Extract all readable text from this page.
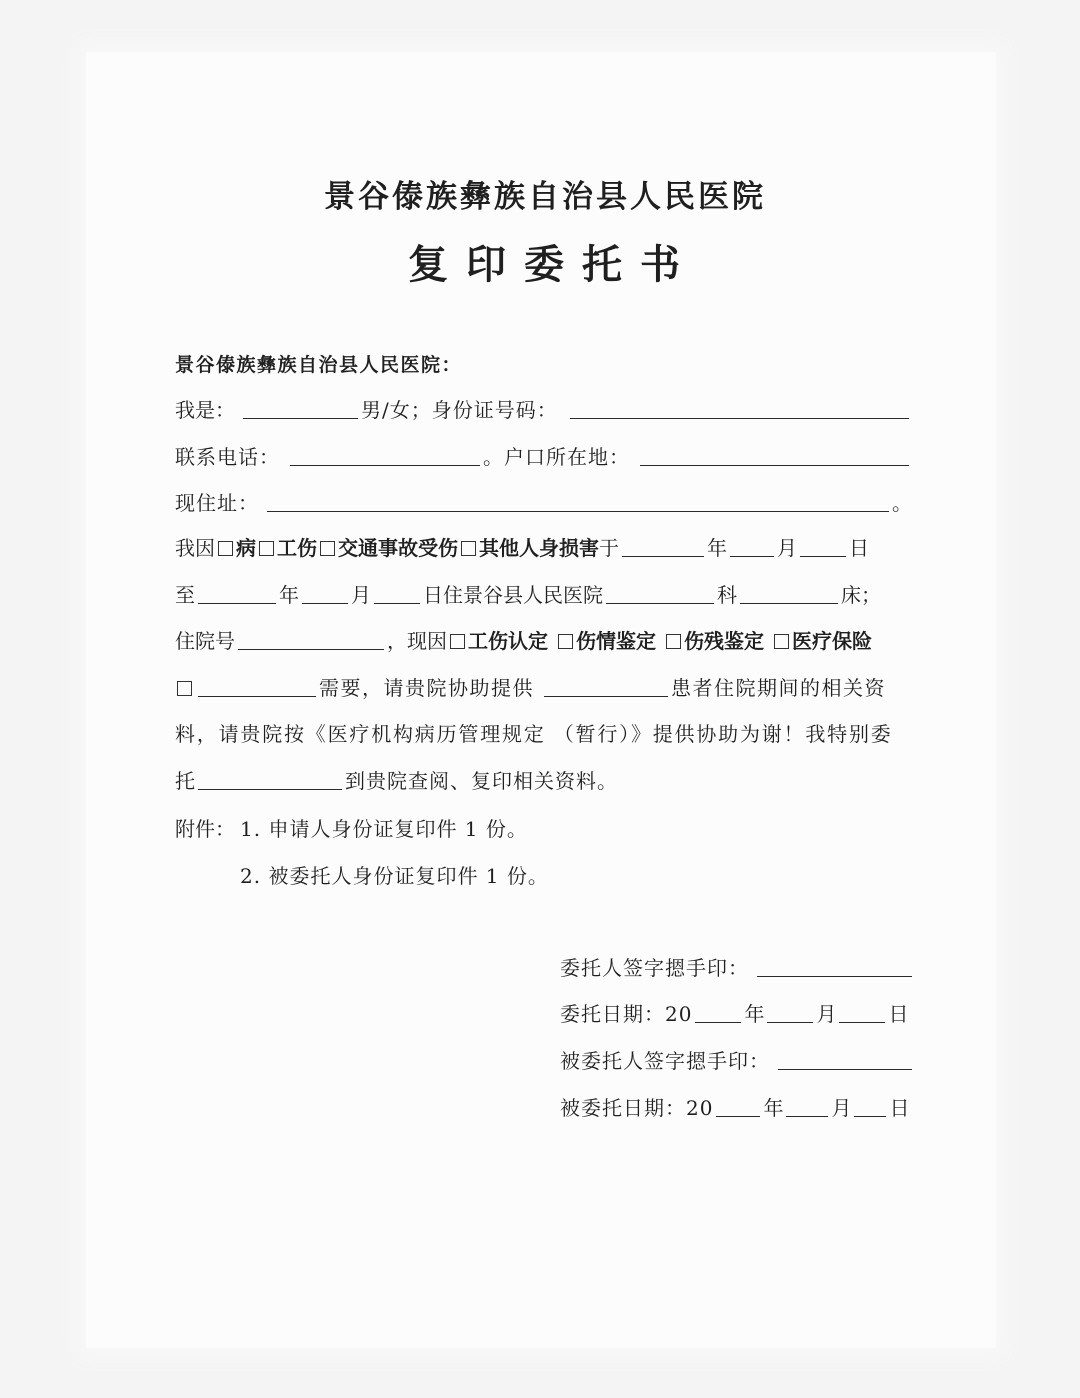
景谷傣族彝族自治县人民医院
复印委托书
景谷傣族彝族自治县人民医院：
我是：	男/女；身份证号码：
联系电话：	。户口所在地：
现住址：	。
我因 病 工伤 交通事故受伤 其他人身损害 于	年	月	日
至	年	月	日住景谷县人民医院	科	床；
住院号	，现因 工伤认定 伤情鉴定 伤残鉴定 医疗保险
需要，请贵院协助提供	患者住院期间的相关资
料，请贵院按《医疗机构病历管理规定 （暂行）》提供协助为谢！我特别委
托	到贵院查阅、复印相关资料。
附件： 1. 申请人身份证复印件 1 份。
2. 被委托人身份证复印件 1 份。
委托人签字摁手印：
委托日期：20	年	月	日
被委托人签字摁手印：
被委托日期：20	年 月 日
